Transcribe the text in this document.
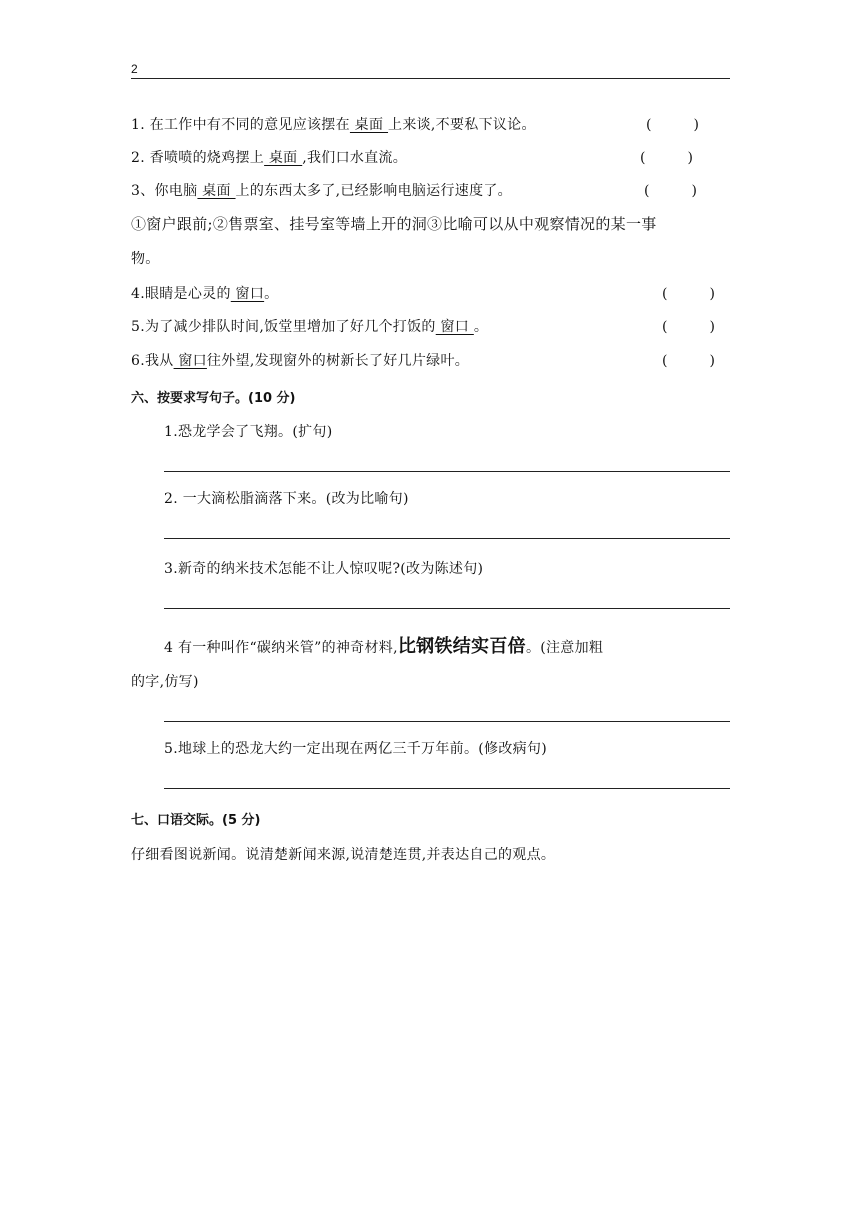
2
1. 在工作中有不同的意见应该摆在 桌面 上来谈,不要私下议论。	(　　　)
2. 香喷喷的烧鸡摆上 桌面 ,我们口水直流。	(　　　)
3、你电脑 桌面 上的东西太多了,已经影响电脑运行速度了。	(　　　)
①窗户跟前;②售票室、挂号室等墙上开的洞③比喻可以从中观察情况的某一事
物。
4.眼睛是心灵的 窗口。	(　　　)
5.为了减少排队时间,饭堂里增加了好几个打饭的 窗口 。	(　　　)
6.我从 窗口往外望,发现窗外的树新长了好几片绿叶。	(　　　)
六、按要求写句子。(10 分)
1.恐龙学会了飞翔。(扩句)
2. 一大滴松脂滴落下来。(改为比喻句)
3.新奇的纳米技术怎能不让人惊叹呢?(改为陈述句)
4 有一种叫作“碳纳米管”的神奇材料,比钢铁结实百倍。(注意加粗
的字,仿写)
5.地球上的恐龙大约一定出现在两亿三千万年前。(修改病句)
七、口语交际。(5 分)
仔细看图说新闻。说清楚新闻来源,说清楚连贯,并表达自己的观点。
